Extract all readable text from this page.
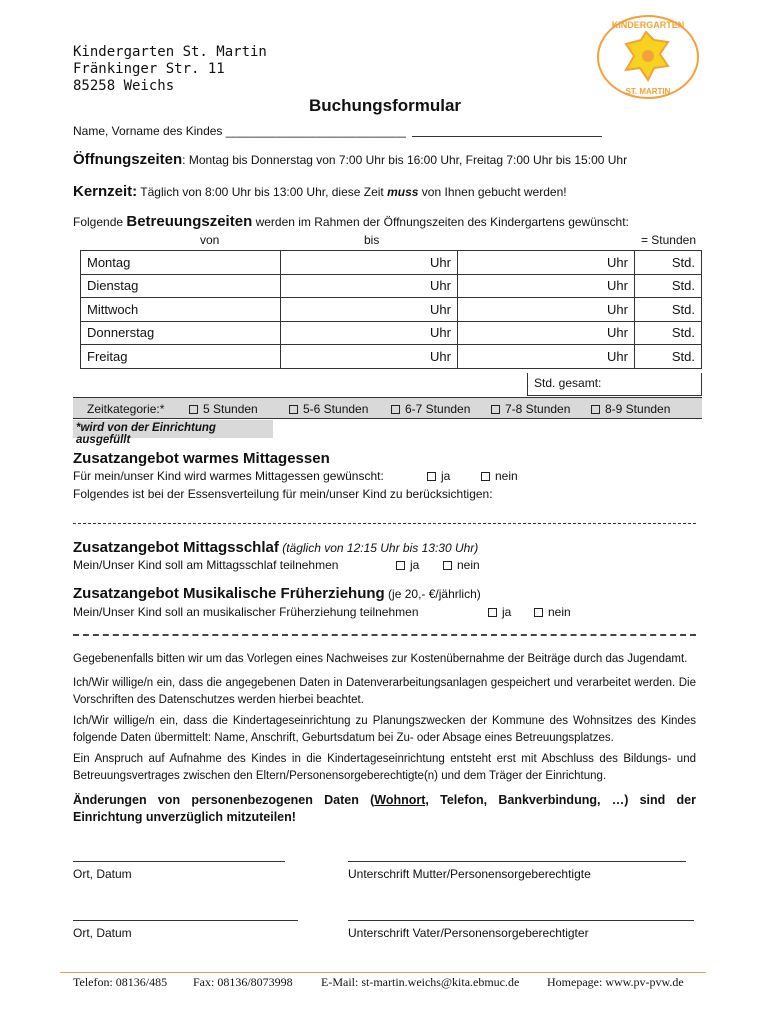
Kindergarten St. Martin
Fränkinger Str. 11
85258 Weichs
KINDERGARTEN
ST. MARTIN
Buchungsformular
Name, Vorname des Kindes ___________________________
Öffnungszeiten: Montag bis Donnerstag von 7:00 Uhr bis 16:00 Uhr, Freitag 7:00 Uhr bis 15:00 Uhr
Kernzeit: Täglich von 8:00 Uhr bis 13:00 Uhr, diese Zeit muss von Ihnen gebucht werden!
Folgende Betreuungszeiten werden im Rahmen der Öffnungszeiten des Kindergartens gewünscht:
von	bis	= Stunden
Montag	Uhr	Uhr	Std.
Dienstag	Uhr	Uhr	Std.
Mittwoch	Uhr	Uhr	Std.
Donnerstag	Uhr	Uhr	Std.
Freitag	Uhr	Uhr	Std.
Std. gesamt:
Zeitkategorie:*	5 Stunden	5-6 Stunden	6-7 Stunden	7-8 Stunden	8-9 Stunden
*wird von der Einrichtung ausgefüllt
Zusatzangebot warmes Mittagessen
Für mein/unser Kind wird warmes Mittagessen gewünscht:	ja	nein
Folgendes ist bei der Essensverteilung für mein/unser Kind zu berücksichtigen:
Zusatzangebot Mittagsschlaf (täglich von 12:15 Uhr bis 13:30 Uhr)
Mein/Unser Kind soll am Mittagsschlaf teilnehmen	ja	nein
Zusatzangebot Musikalische Früherziehung (je 20,- €/jährlich)
Mein/Unser Kind soll an musikalischer Früherziehung teilnehmen	ja	nein
Gegebenenfalls bitten wir um das Vorlegen eines Nachweises zur Kostenübernahme der Beiträge durch das Jugendamt.
Ich/Wir willige/n ein, dass die angegebenen Daten in Datenverarbeitungsanlagen gespeichert und verarbeitet werden. Die Vorschriften des Datenschutzes werden hierbei beachtet.
Ich/Wir willige/n ein, dass die Kindertageseinrichtung zu Planungszwecken der Kommune des Wohnsitzes des Kindes folgende Daten übermittelt: Name, Anschrift, Geburtsdatum bei Zu- oder Absage eines Betreuungsplatzes.
Ein Anspruch auf Aufnahme des Kindes in die Kindertageseinrichtung entsteht erst mit Abschluss des Bildungs- und Betreuungsvertrages zwischen den Eltern/Personensorgeberechtigte(n) und dem Träger der Einrichtung.
Änderungen von personenbezogenen Daten (Wohnort, Telefon, Bankverbindung, …) sind der Einrichtung unverzüglich mitzuteilen!
Ort, Datum	Unterschrift Mutter/Personensorgeberechtigte
Ort, Datum	Unterschrift Vater/Personensorgeberechtigter
Telefon: 08136/485 Fax: 08136/8073998 E-Mail: st-martin.weichs@kita.ebmuc.de Homepage: www.pv-pvw.de
